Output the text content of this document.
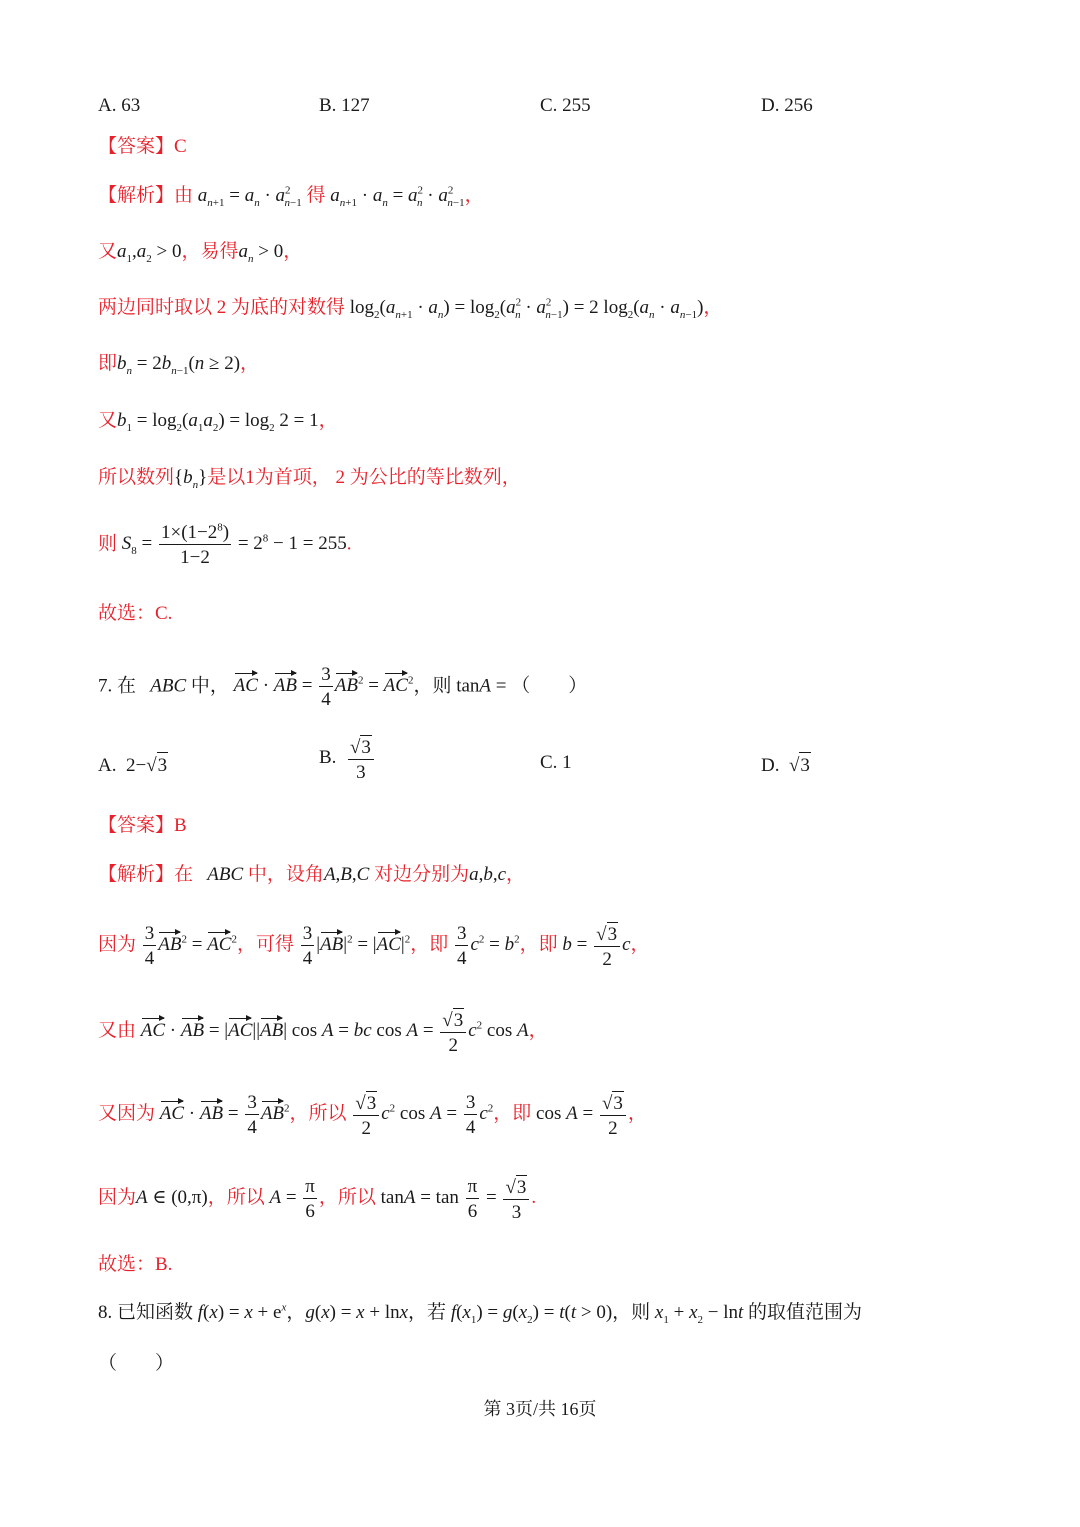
A. 63	B. 127	C. 255	D. 256
【答案】C
【解析】由 $a_{n+1} = a_n \cdot a^2_{n-1}$ 得 $a_{n+1} \cdot a_n = a^2_n \cdot a^2_{n-1}$，
又$a_1,a_2 > 0$，易得$a_n > 0$，
两边同时取以 2 为底的对数得 $\log_2(a_{n+1} \cdot a_n) = \log_2(a^2_n \cdot a^2_{n-1}) = 2$ $\log_2(a_n \cdot a_{n-1})$，
即$b_n = 2b_{n-1}(n \ge 2)$，
又$b_1 = \log_2(a_1a_2) = \log_2 2 = 1$，
所以数列$\{b_n\}$是以1为首项， 2 为公比的等比数列，
则 $S_8 = \frac{1\times(1-2^8)}{1-2} = 2^8 - 1 = 255$.
故选：C.
7. 在 ABC 中， AC · AB = $\frac{3}{4} AB^2 = AC^2$，则 tanA = （　　）
A.  2−√ 3	B. $\frac{√ 3}{3}$	C. 1	D. √ 3
【答案】B
【解析】在 ABC 中，设角A,B,C 对边分别为a,b,c，
因为 $\frac{3}{4} AB^2 = AC^2$，可得 $\frac{3}{4} |AB|^2 = |AC|^2$，即 $\frac{3}{4} c^2 = b^2$，即 $b = \frac{√ 3}{2}$ c，
又由 AC · AB = |AC||AB| cos A = bc $\cos A = \frac{√ 3}{2} c^2$ cos A，
又因为 AC · AB = $\frac{3}{4} AB^2$，所以 $\frac{√ 3}{2} c^2$ $\cos A = \frac{3}{4} c^2$，即 $\cos A = \frac{√ 3}{2}$ ，
因为A ∈ (0,π)，所以 $A = \frac{\pi}{6}$ ，所以 $\tan A = \tan \frac{\pi}{6} = \frac{√ 3}{3}$ .
故选：B.
8. 已知函数 $f(x) = x + e^x$，g(x) = x + lnx，若 $f(x_1) = g(x_2) = t(t > 0)$，则 $x_1 + x_2 - \ln t$ 的取值范围为
（　　）
第 3页/共 16页
